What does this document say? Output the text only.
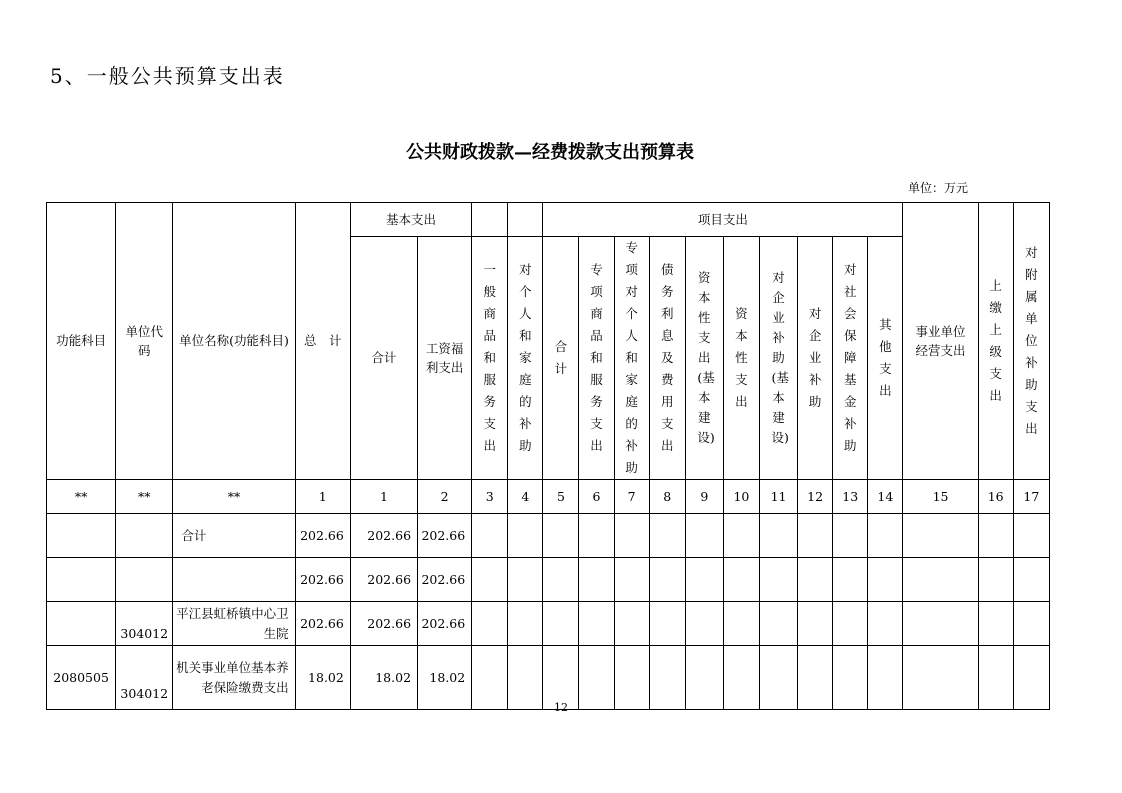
5、一般公共预算支出表
公共财政拨款—经费拨款支出预算表
单位：万元
功能科目	单位代码	单位名称(功能科目)	总　计	基本支出				项目支出										事业单位经营支出	上缴上级支出	对附属单位补助支出
				合计	工资福利支出	一般商品和服务支出	对个人和家庭的补助	合计	专项商品和服务支出	专项对个人和家庭的补助	债务利息及费用支出	资本性支出(基本建设)	资本性支出	对企业补助(基本建设)	对企业补助	对社会保障基金补助	其他支出			
**	**	**	1	1	2	3	4	5	6	7	8	9	10	11	12	13	14	15	16	17
		合计	202.66	202.66	202.66															
			202.66	202.66	202.66															
	304012	平江县虹桥镇中心卫生院	202.66	202.66	202.66															
2080505	304012	机关事业单位基本养老保险缴费支出	18.02	18.02	18.02															
12
